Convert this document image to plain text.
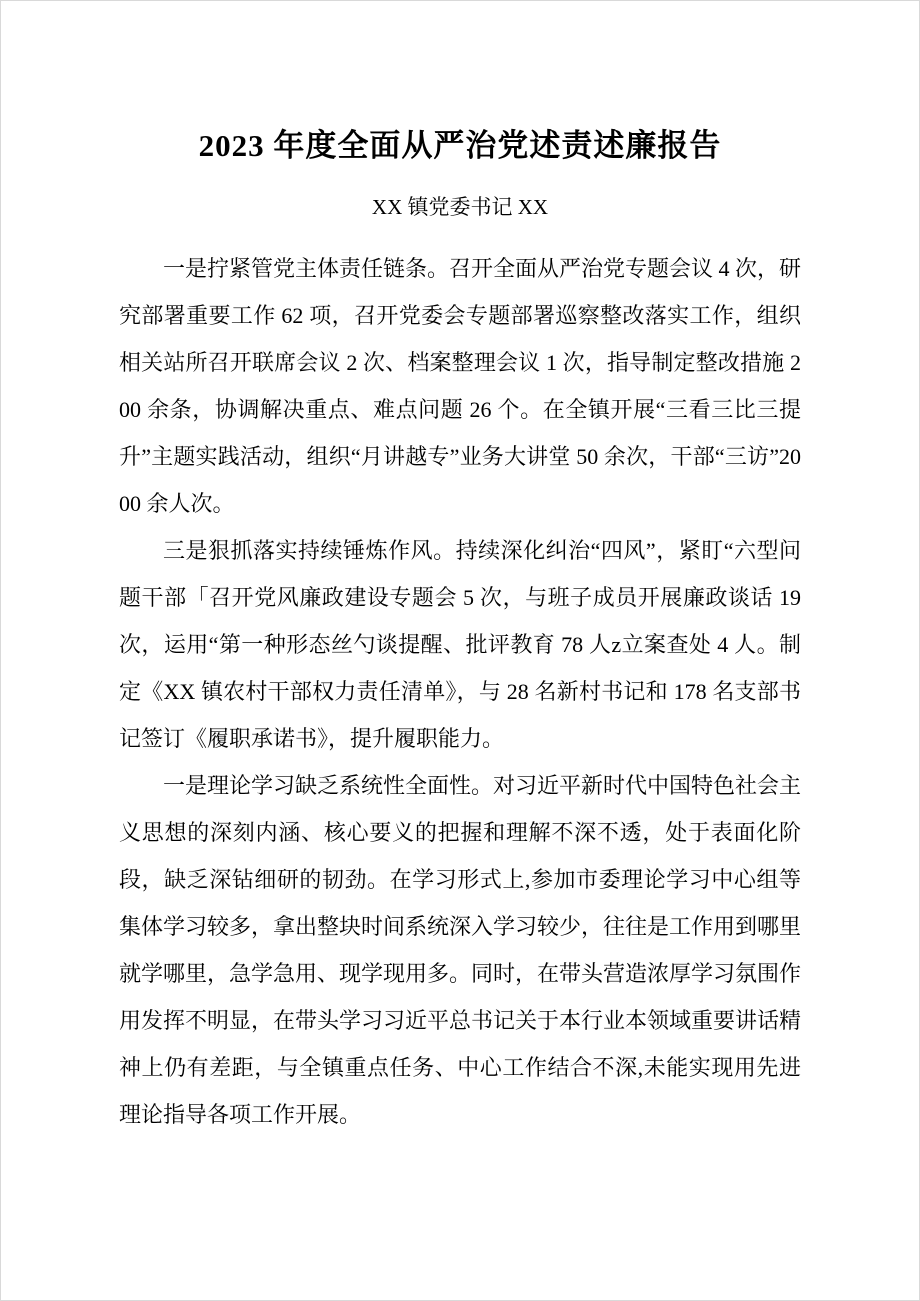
2023 年度全面从严治党述责述廉报告
XX 镇党委书记 XX

一是拧紧管党主体责任链条。召开全面从严治党专题会议 4 次，研究部署重要工作 62 项，召开党委会专题部署巡察整改落实工作，组织相关站所召开联席会议 2 次、档案整理会议 1 次，指导制定整改措施 200 余条，协调解决重点、难点问题 26 个。在全镇开展“三看三比三提升”主题实践活动，组织“月讲越专”业务大讲堂 50 余次，干部“三访”2000 余人次。

三是狠抓落实持续锤炼作风。持续深化纠治“四风”，紧盯“六型问题干部「召开党风廉政建设专题会 5 次，与班子成员开展廉政谈话 19 次，运用“第一种形态丝勺谈提醒、批评教育 78 人z立案查处 4 人。制定《XX 镇农村干部权力责任清单》，与 28 名新村书记和 178 名支部书记签订《履职承诺书》，提升履职能力。

一是理论学习缺乏系统性全面性。对习近平新时代中国特色社会主义思想的深刻内涵、核心要义的把握和理解不深不透，处于表面化阶段，缺乏深钻细研的韧劲。在学习形式上,参加市委理论学习中心组等集体学习较多，拿出整块时间系统深入学习较少，往往是工作用到哪里就学哪里，急学急用、现学现用多。同时，在带头营造浓厚学习氛围作用发挥不明显，在带头学习习近平总书记关于本行业本领域重要讲话精神上仍有差距，与全镇重点任务、中心工作结合不深,未能实现用先进理论指导各项工作开展。
